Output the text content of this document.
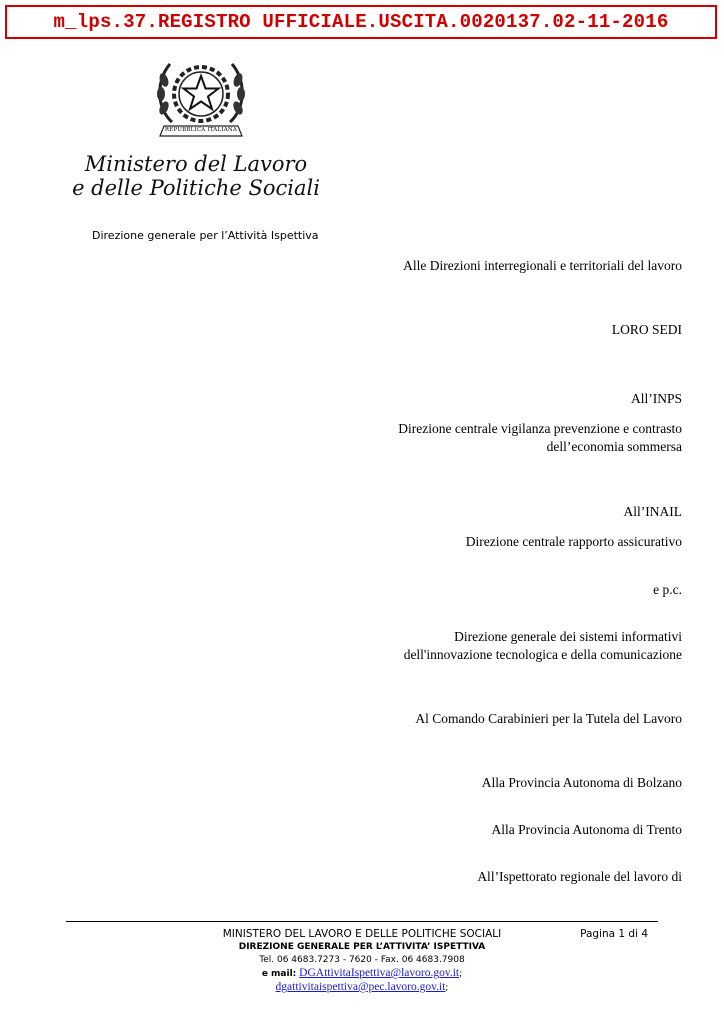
m_lps.37.REGISTRO UFFICIALE.USCITA.0020137.02-11-2016
REPUBBLICA ITALIANA
Ministero del Lavoro
e delle Politiche Sociali
Direzione generale per l’Attività Ispettiva
Alle Direzioni interregionali e territoriali del lavoro
LORO SEDI
All’INPS
Direzione centrale vigilanza prevenzione e contrasto dell’economia sommersa
All’INAIL
Direzione centrale rapporto assicurativo
e p.c.
Direzione generale dei sistemi informativi dell'innovazione tecnologica e della comunicazione
Al Comando Carabinieri per la Tutela del Lavoro
Alla Provincia Autonoma di Bolzano
Alla Provincia Autonoma di Trento
All’Ispettorato regionale del lavoro di
MINISTERO DEL LAVORO E DELLE POLITICHE SOCIALI	Pagina 1 di 4
DIREZIONE GENERALE PER L’ATTIVITA’ ISPETTIVA
Tel. 06 4683.7273 - 7620 - Fax. 06 4683.7908
e mail: DGAttivitaIspettiva@lavoro.gov.it;
dgattivitaispettiva@pec.lavoro.gov.it;
